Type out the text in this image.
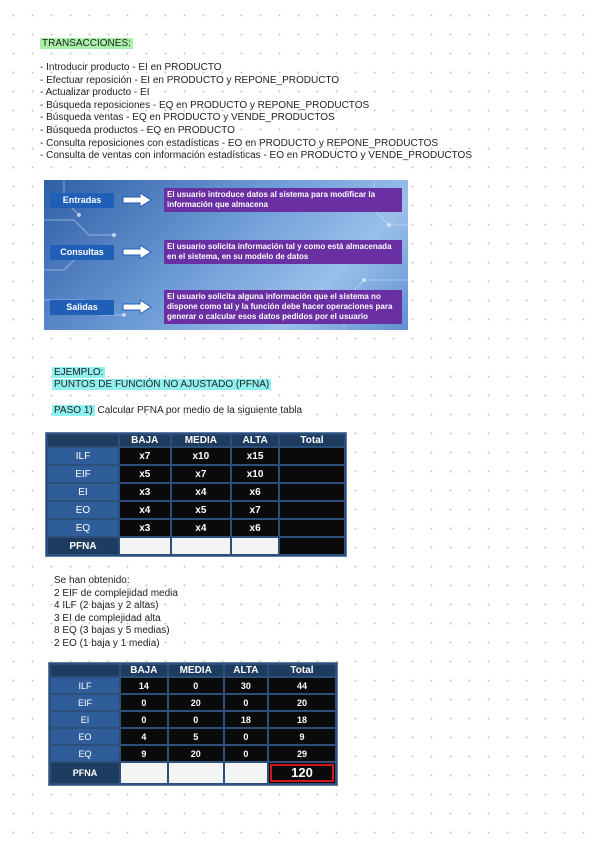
TRANSACCIONES:
- Introducir producto - EI en PRODUCTO
- Efectuar reposición - EI en PRODUCTO y REPONE_PRODUCTO
- Actualizar producto - EI
- Búsqueda reposiciones - EQ en PRODUCTO y REPONE_PRODUCTOS
- Búsqueda ventas - EQ en PRODUCTO y VENDE_PRODUCTOS
- Búsqueda productos - EQ en PRODUCTO
- Consulta reposiciones con estadísticas - EO en PRODUCTO y REPONE_PRODUCTOS
- Consulta de ventas con información estadísticas - EO en PRODUCTO y VENDE_PRODUCTOS
Entradas
El usuario introduce datos al sistema para modificar la información que almacena
Consultas
El usuario solicita información tal y como está almacenada en el sistema, en su modelo de datos
Salidas
El usuario solicita alguna información que el sistema no dispone como tal y la función debe hacer operaciones para generar o calcular esos datos pedidos por el usuario
EJEMPLO:
PUNTOS DE FUNCIÓN NO AJUSTADO (PFNA)
PASO 1) Calcular PFNA por medio de la siguiente tabla
	BAJA	MEDIA	ALTA	Total
ILF	x7	x10	x15	
EIF	x5	x7	x10	
EI	x3	x4	x6	
EO	x4	x5	x7	
EQ	x3	x4	x6	
PFNA				
Se han obtenido:
2 EIF de complejidad media
4 ILF (2 bajas y 2 altas)
3 EI de complejidad alta
8 EQ (3 bajas y 5 medias)
2 EO (1 baja y 1 media)
	BAJA	MEDIA	ALTA	Total
ILF	14	0	30	44
EIF	0	20	0	20
EI	0	0	18	18
EO	4	5	0	9
EQ	9	20	0	29
PFNA				120
